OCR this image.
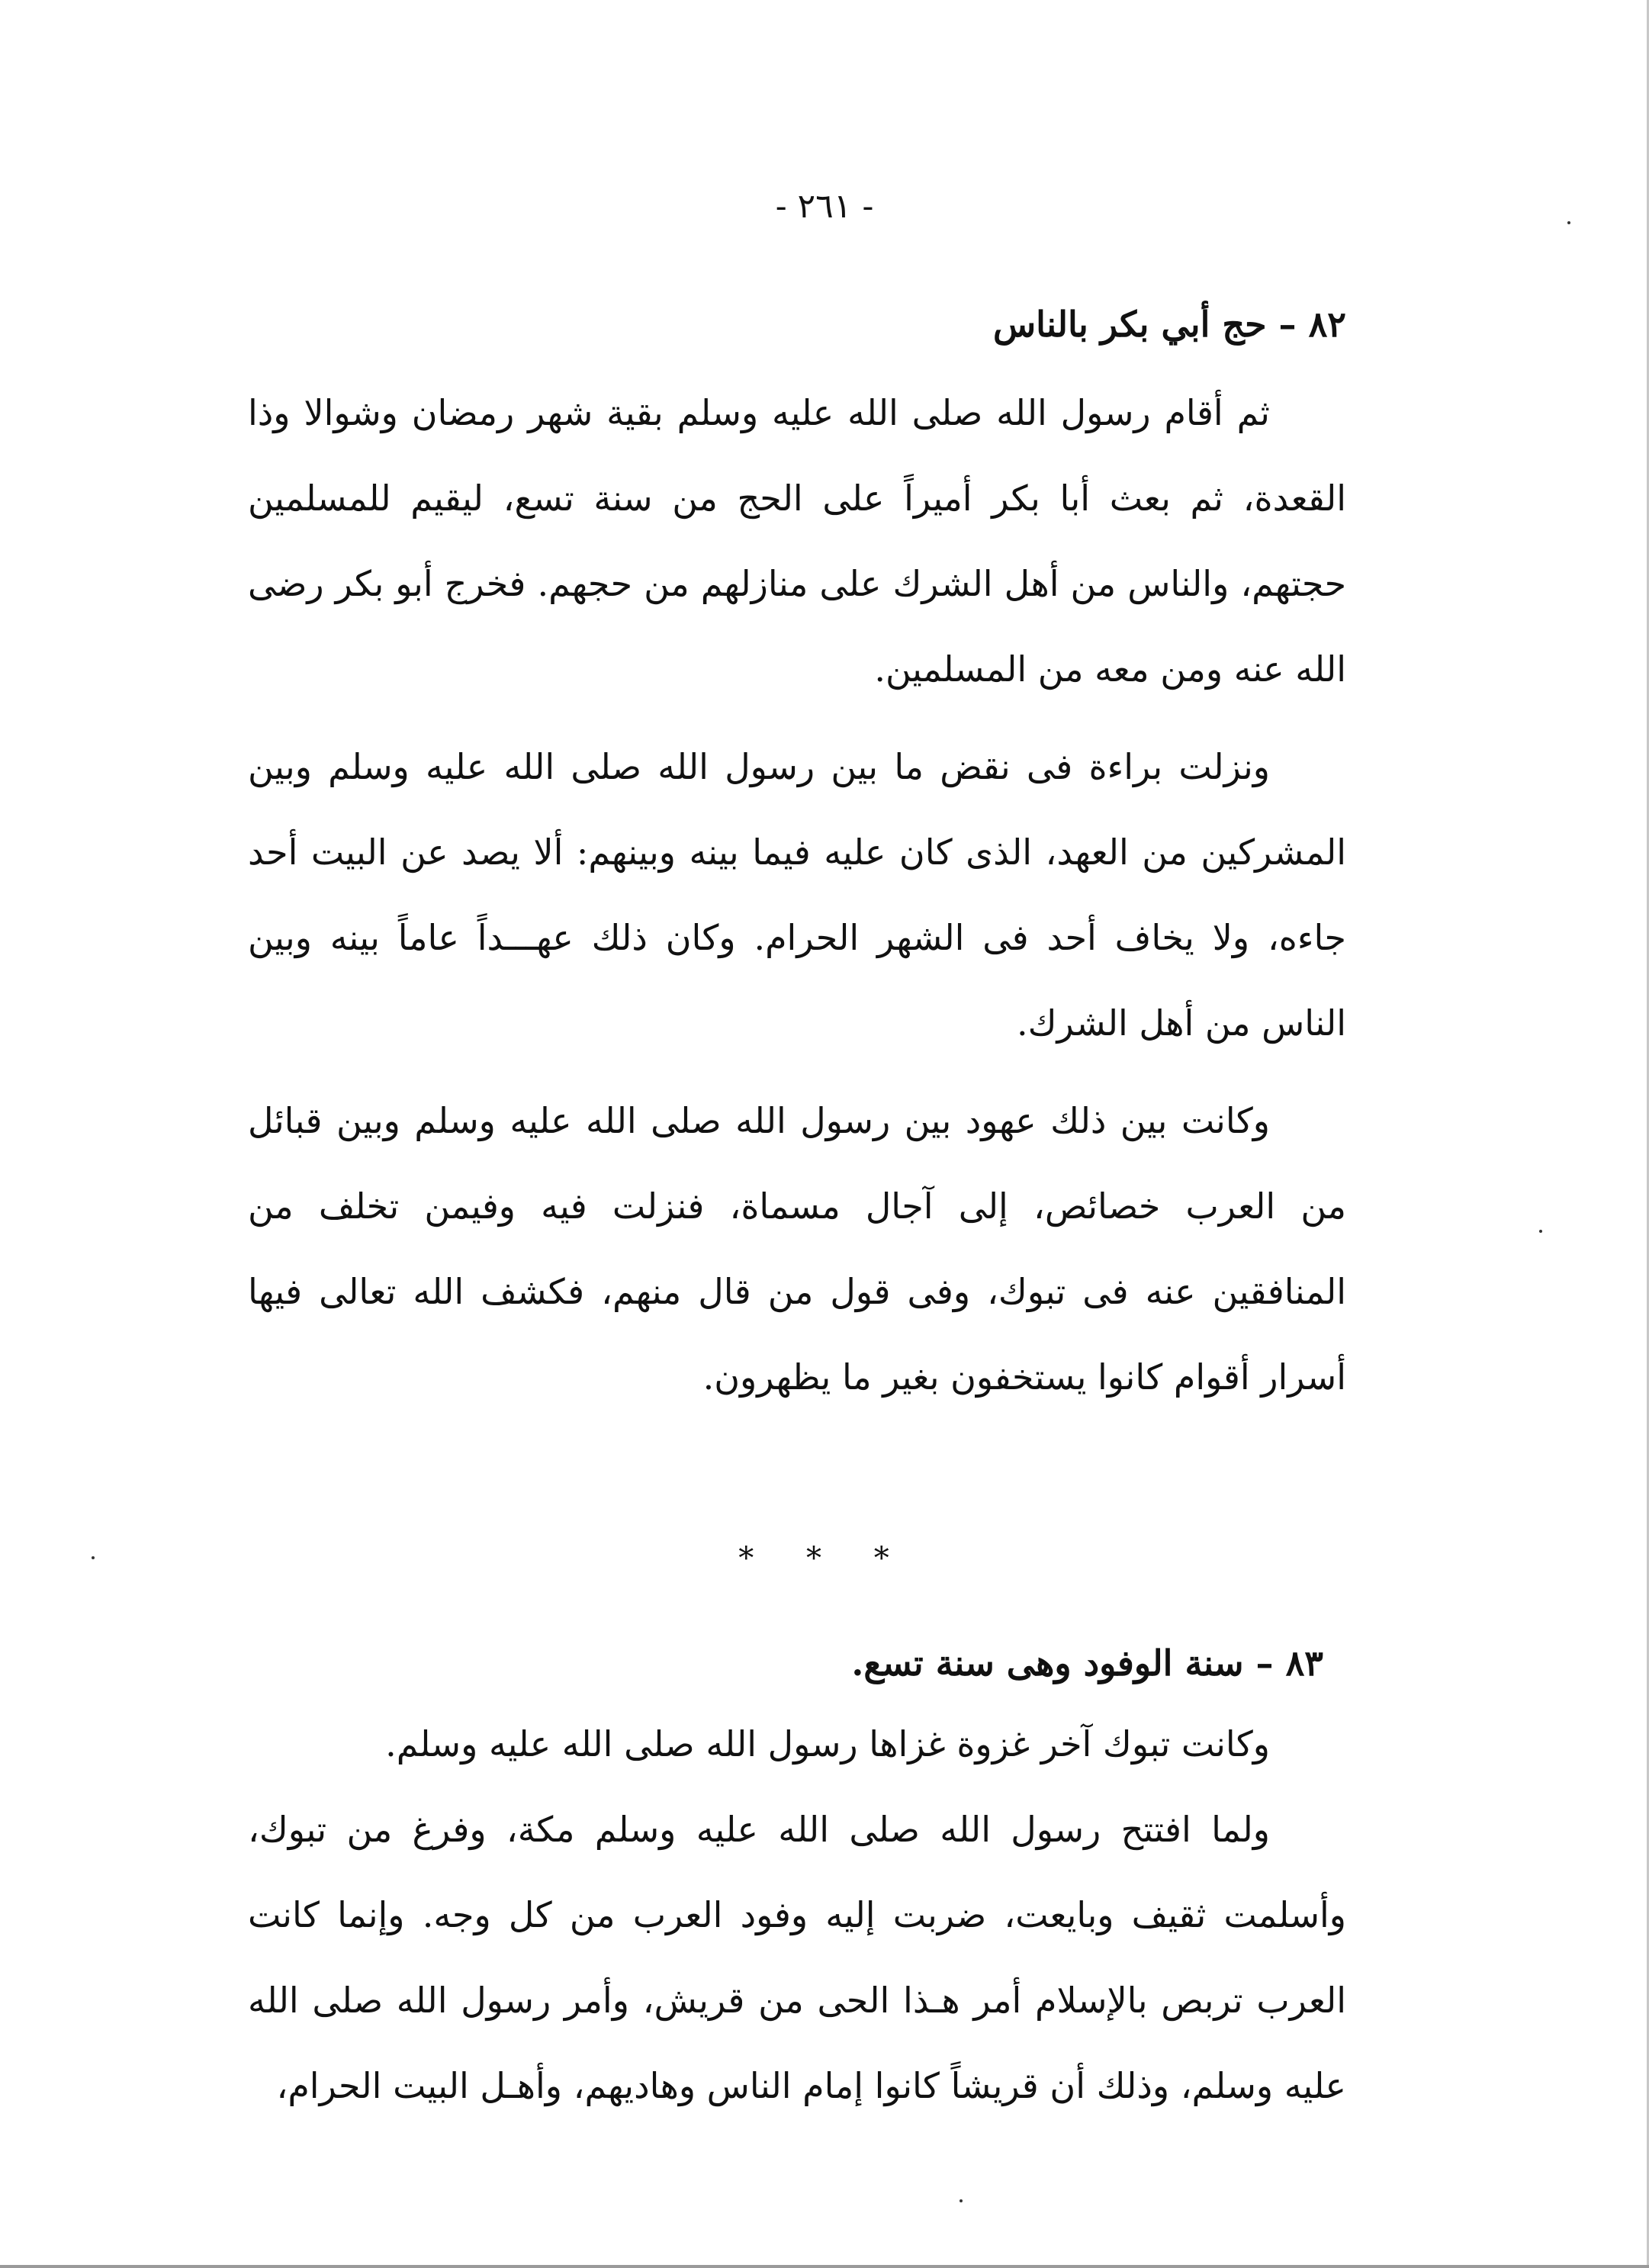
- ٢٦١ -
٨٢ – حج أبي بكر بالناس
ثم أقام رسول الله صلى الله عليه وسلم بقية شهر رمضان وشوالا وذا القعدة، ثم بعث أبا بكر أميراً على الحج من سنة تسع، ليقيم للمسلمين حجتهم، والناس من أهل الشرك على منازلهم من حجهم. فخرج أبو بكر رضى الله عنه ومن معه من المسلمين.
ونزلت براءة فى نقض ما بين رسول الله صلى الله عليه وسلم وبين المشركين من العهد، الذى كان عليه فيما بينه وبينهم: ألا يصد عن البيت أحد جاءه، ولا يخاف أحد فى الشهر الحرام. وكان ذلك عهـــداً عاماً بينه وبين الناس من أهل الشرك.
وكانت بين ذلك عهود بين رسول الله صلى الله عليه وسلم وبين قبائل من العرب خصائص، إلى آجال مسماة، فنزلت فيه وفيمن تخلف من المنافقين عنه فى تبوك، وفى قول من قال منهم، فكشف الله تعالى فيها أسرار أقوام كانوا يستخفون بغير ما يظهرون.
* * *
٨٣ – سنة الوفود وهى سنة تسع.
وكانت تبوك آخر غزوة غزاها رسول الله صلى الله عليه وسلم.
ولما افتتح رسول الله صلى الله عليه وسلم مكة، وفرغ من تبوك، وأسلمت ثقيف وبايعت، ضربت إليه وفود العرب من كل وجه. وإنما كانت العرب تربص بالإسلام أمر هـذا الحى من قريش، وأمر رسول الله صلى الله عليه وسلم، وذلك أن قريشاً كانوا إمام الناس وهاديهم، وأهـل البيت الحرام،
